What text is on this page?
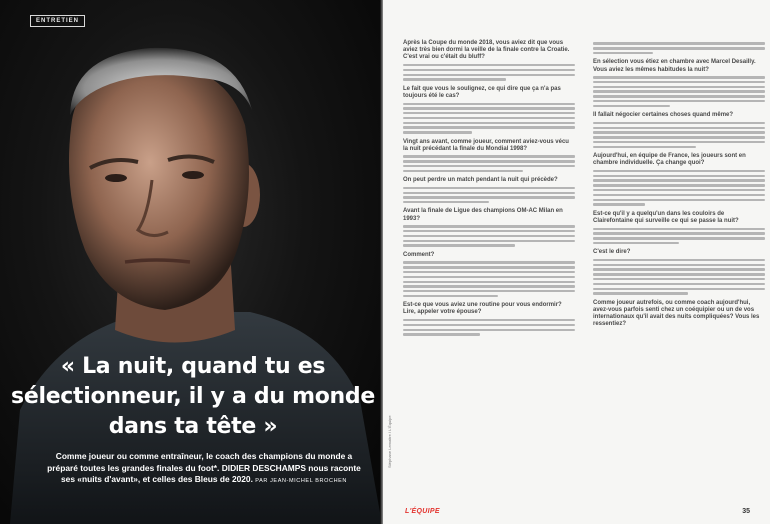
ENTRETIEN
« La nuit, quand tu es sélectionneur, il y a du monde dans ta tête »
Comme joueur ou comme entraîneur, le coach des champions du monde a préparé toutes les grandes finales du foot*. DIDIER DESCHAMPS nous raconte ses «nuits d'avant», et celles des Bleus de 2020. PAR JEAN-MICHEL BROCHEN
Après la Coupe du monde 2018, vous aviez dit que vous aviez très bien dormi la veille de la finale contre la Croatie. C'est vrai ou c'était du bluff?
Le fait que vous le soulignez, ce qui dire que ça n'a pas toujours été le cas?
Vingt ans avant, comme joueur, comment aviez-vous vécu la nuit précédant la finale du Mondial 1998?
On peut perdre un match pendant la nuit qui précède?
Avant la finale de Ligue des champions OM-AC Milan en 1993?
Comment?
Est-ce que vous aviez une routine pour vous endormir? Lire, appeler votre épouse?
En sélection vous étiez en chambre avec Marcel Desailly. Vous aviez les mêmes habitudes la nuit?
Il fallait négocier certaines choses quand même?
Aujourd'hui, en équipe de France, les joueurs sont en chambre individuelle. Ça change quoi?
Est-ce qu'il y a quelqu'un dans les couloirs de Clairefontaine qui surveille ce qui se passe la nuit?
C'est le dire?
Comme joueur autrefois, ou comme coach aujourd'hui, avez-vous parfois senti chez un coéquipier ou un de vos internationaux qu'il avait des nuits compliquées? Vous les ressentiez?
Stéphane Lemaitre / L'Équipe
L'ÉQUIPE	35
